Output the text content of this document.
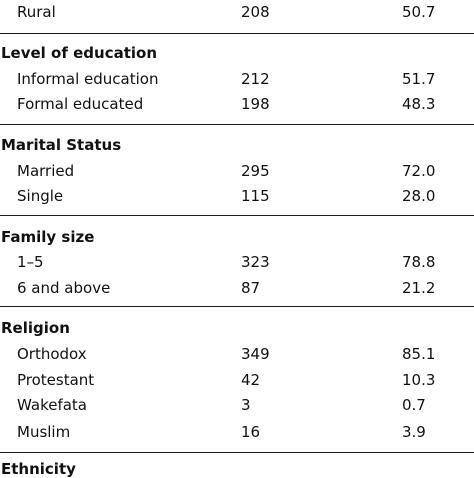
Rural	208	50.7
Level of education
Informal education	212	51.7
Formal educated	198	48.3
Marital Status
Married	295	72.0
Single	115	28.0
Family size
1–5	323	78.8
6 and above	87	21.2
Religion
Orthodox	349	85.1
Protestant	42	10.3
Wakefata	3	0.7
Muslim	16	3.9
Ethnicity
